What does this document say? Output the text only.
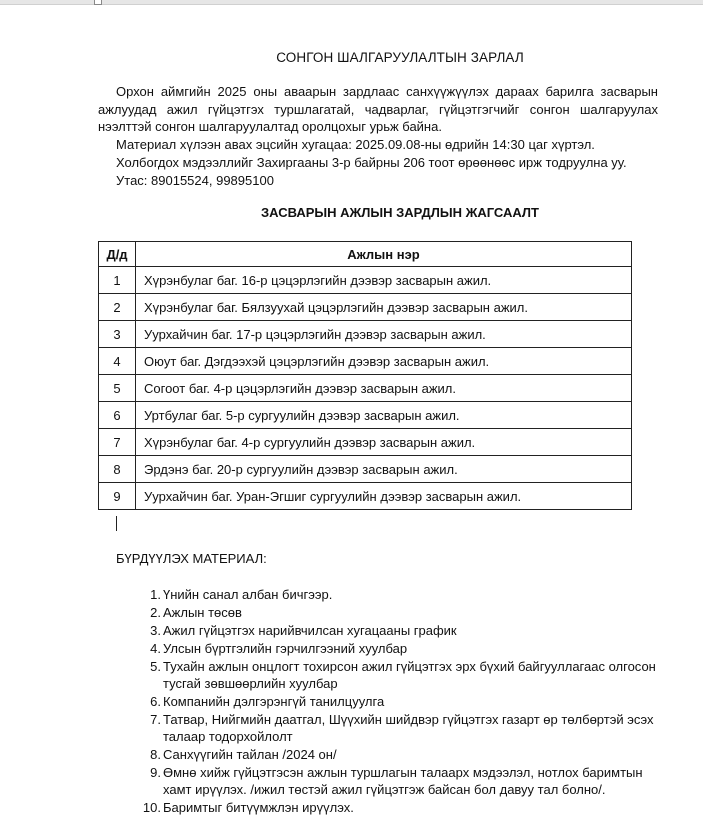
СОНГОН ШАЛГАРУУЛАЛТЫН ЗАРЛАЛ
Орхон аймгийн 2025 оны аваарын зардлаас санхүүжүүлэх дараах барилга засварын ажлуудад ажил гүйцэтгэх туршлагатай, чадварлаг, гүйцэтгэгчийг сонгон шалгаруулах нээлттэй сонгон шалгаруулалтад оролцохыг урьж байна.
Материал хүлээн авах эцсийн хугацаа: 2025.09.08-ны өдрийн 14:30 цаг хүртэл.
Холбогдох мэдээллийг Захиргааны 3-р байрны 206 тоот өрөөнөөс ирж тодруулна уу.
Утас: 89015524, 99895100
ЗАСВАРЫН АЖЛЫН ЗАРДЛЫН ЖАГСААЛТ
Д/д	Ажлын нэр
1	Хүрэнбулаг баг. 16-р цэцэрлэгийн дээвэр засварын ажил.
2	Хүрэнбулаг баг. Бялзуухай цэцэрлэгийн дээвэр засварын ажил.
3	Уурхайчин баг. 17-р цэцэрлэгийн дээвэр засварын ажил.
4	Оюут баг. Дэгдээхэй цэцэрлэгийн дээвэр засварын ажил.
5	Согоот баг. 4-р цэцэрлэгийн дээвэр засварын ажил.
6	Уртбулаг баг. 5-р сургуулийн дээвэр засварын ажил.
7	Хүрэнбулаг баг. 4-р сургуулийн дээвэр засварын ажил.
8	Эрдэнэ баг. 20-р сургуулийн дээвэр засварын ажил.
9	Уурхайчин баг. Уран-Эгшиг сургуулийн дээвэр засварын ажил.
БҮРДҮҮЛЭХ МАТЕРИАЛ:
1. Үнийн санал албан бичгээр.
2. Ажлын төсөв
3. Ажил гүйцэтгэх нарийвчилсан хугацааны график
4. Улсын бүртгэлийн гэрчилгээний хуулбар
5. Тухайн ажлын онцлогт тохирсон ажил гүйцэтгэх эрх бүхий байгууллагаас олгосон тусгай зөвшөөрлийн хуулбар
6. Компанийн дэлгэрэнгүй танилцуулга
7. Татвар, Нийгмийн даатгал, Шүүхийн шийдвэр гүйцэтгэх газарт өр төлбөртэй эсэх талаар тодорхойлолт
8. Санхүүгийн тайлан /2024 он/
9. Өмнө хийж гүйцэтгэсэн ажлын туршлагын талаарх мэдээлэл, нотлох баримтын хамт ирүүлэх. /ижил төстэй ажил гүйцэтгэж байсан бол давуу тал болно/.
10. Баримтыг битүүмжлэн ирүүлэх.
